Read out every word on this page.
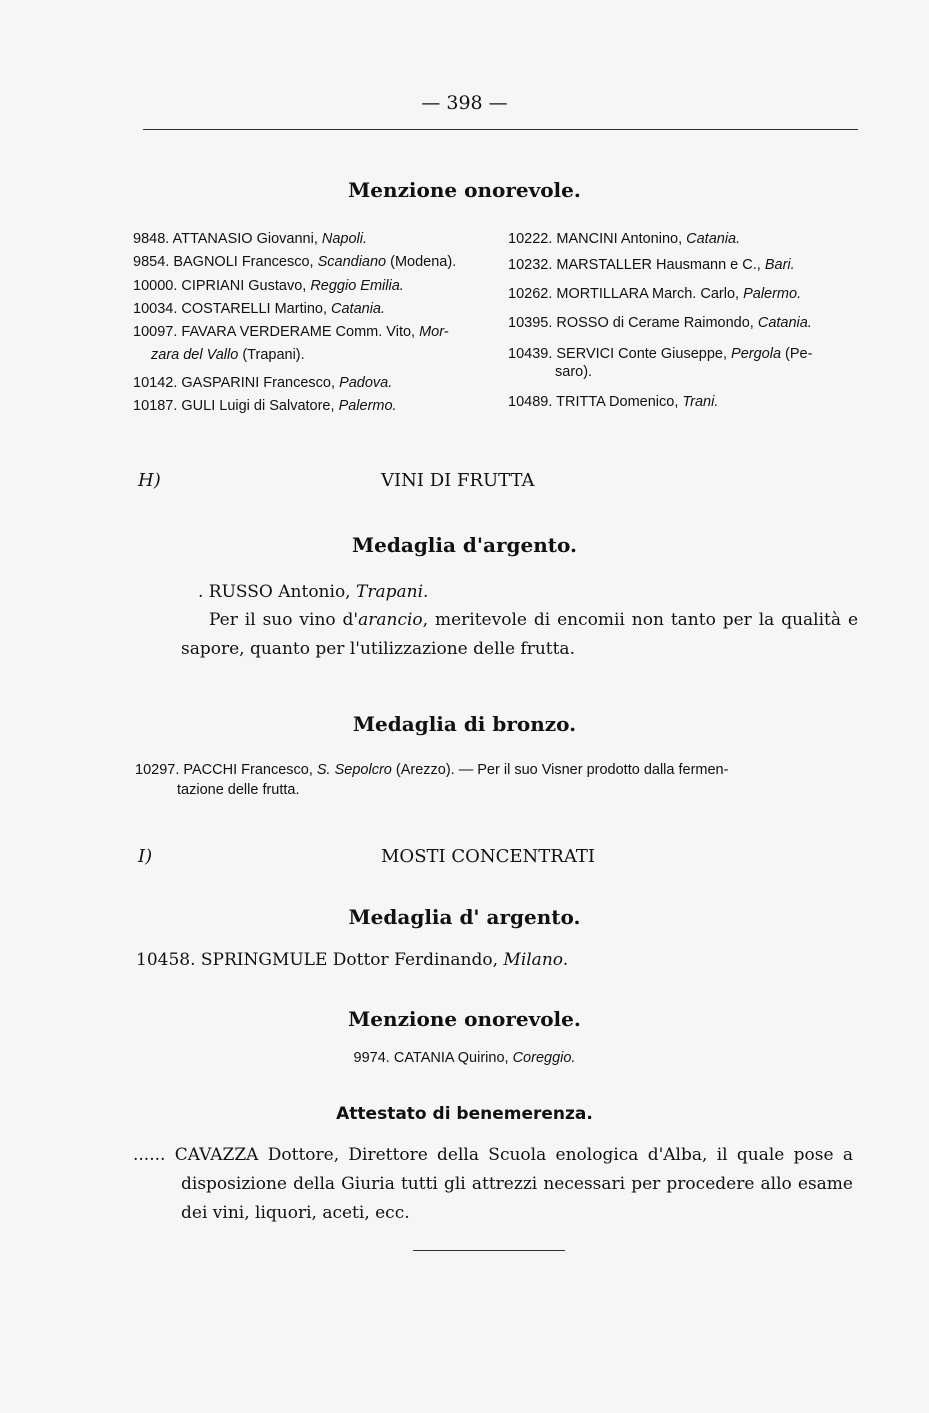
— 398 —
Menzione onorevole.
9848. ATTANASIO Giovanni, Napoli.
9854. BAGNOLI Francesco, Scandiano (Modena).
10000. CIPRIANI Gustavo, Reggio Emilia.
10034. COSTARELLI Martino, Catania.
10097. FAVARA VERDERAME Comm. Vito, Mor-
zara del Vallo (Trapani).
10142. GASPARINI Francesco, Padova.
10187. GULI Luigi di Salvatore, Palermo.
10222. MANCINI Antonino, Catania.
10232. MARSTALLER Hausmann e C., Bari.
10262. MORTILLARA March. Carlo, Palermo.
10395. ROSSO di Cerame Raimondo, Catania.
10439. SERVICI Conte Giuseppe, Pergola (Pe-
saro).
10489. TRITTA Domenico, Trani.
H)	VINI DI FRUTTA
Medaglia d'argento.
. RUSSO Antonio, Trapani.
Per il suo vino d'arancio, meritevole di encomii non tanto per la qualità e sapore, quanto per l'utilizzazione delle frutta.
Medaglia di bronzo.
10297. PACCHI Francesco, S. Sepolcro (Arezzo). — Per il suo Visner prodotto dalla fermen-
tazione delle frutta.
I)	MOSTI CONCENTRATI
Medaglia d' argento.
10458. SPRINGMULE Dottor Ferdinando, Milano.
Menzione onorevole.
9974. CATANIA Quirino, Coreggio.
Attestato di benemerenza.
...... CAVAZZA Dottore, Direttore della Scuola enologica d'Alba, il quale pose a disposizione della Giuria tutti gli attrezzi necessari per procedere allo esame dei vini, liquori, aceti, ecc.
